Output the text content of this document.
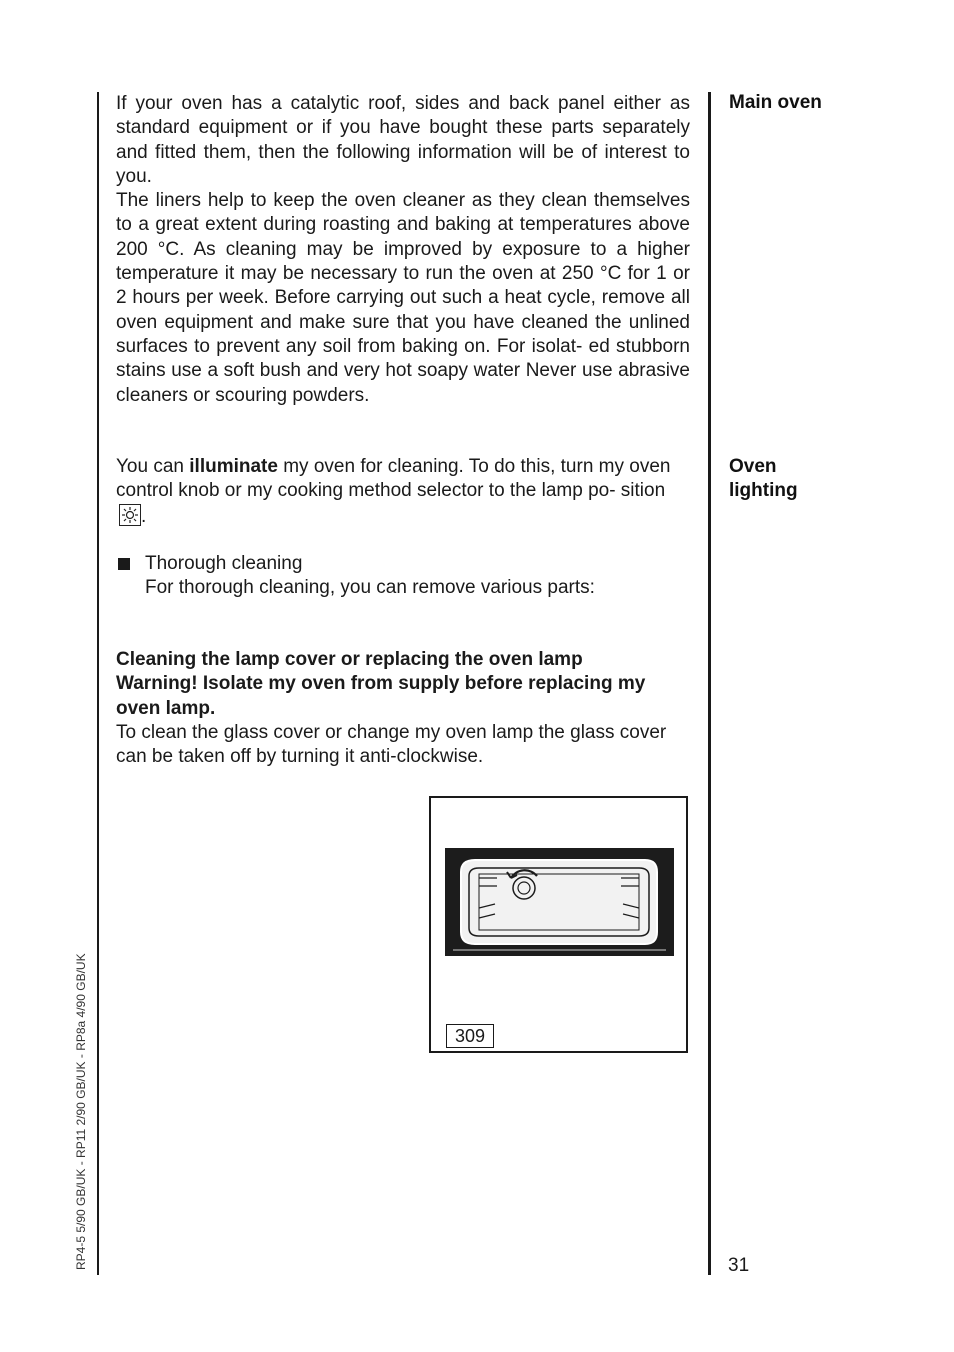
Main oven
Oven
lighting

If your oven has a catalytic roof, sides and back panel either as standard equipment or if you have bought these parts separately and fitted them, then the following information will be of interest to you.

The liners help to keep the oven cleaner as they clean themselves to a great extent during roasting and baking at temperatures above 200 °C. As cleaning may be improved by exposure to a higher temperature it may be necessary to run the oven at 250 °C for 1 or 2 hours per week. Before carrying out such a heat cycle, remove all oven equipment and make sure that you have cleaned the unlined surfaces to prevent any soil from baking on. For isolat- ed stubborn stains use a soft bush and very hot soapy water Never use abrasive cleaners or scouring powders.

You can illuminate my oven for cleaning. To do this, turn my oven control knob or my cooking method selector to the lamp po- sition
.
Thorough cleaning
For thorough cleaning, you can remove various parts:

Cleaning the lamp cover or replacing the oven lamp

Warning! Isolate my oven from supply before replacing my oven lamp.

To clean the glass cover or change my oven lamp the glass cover can be taken off by turning it anti-clockwise.

309
RP4-5 5/90 GB/UK - RP11 2/90 GB/UK - RP8a 4/90 GB/UK	31
